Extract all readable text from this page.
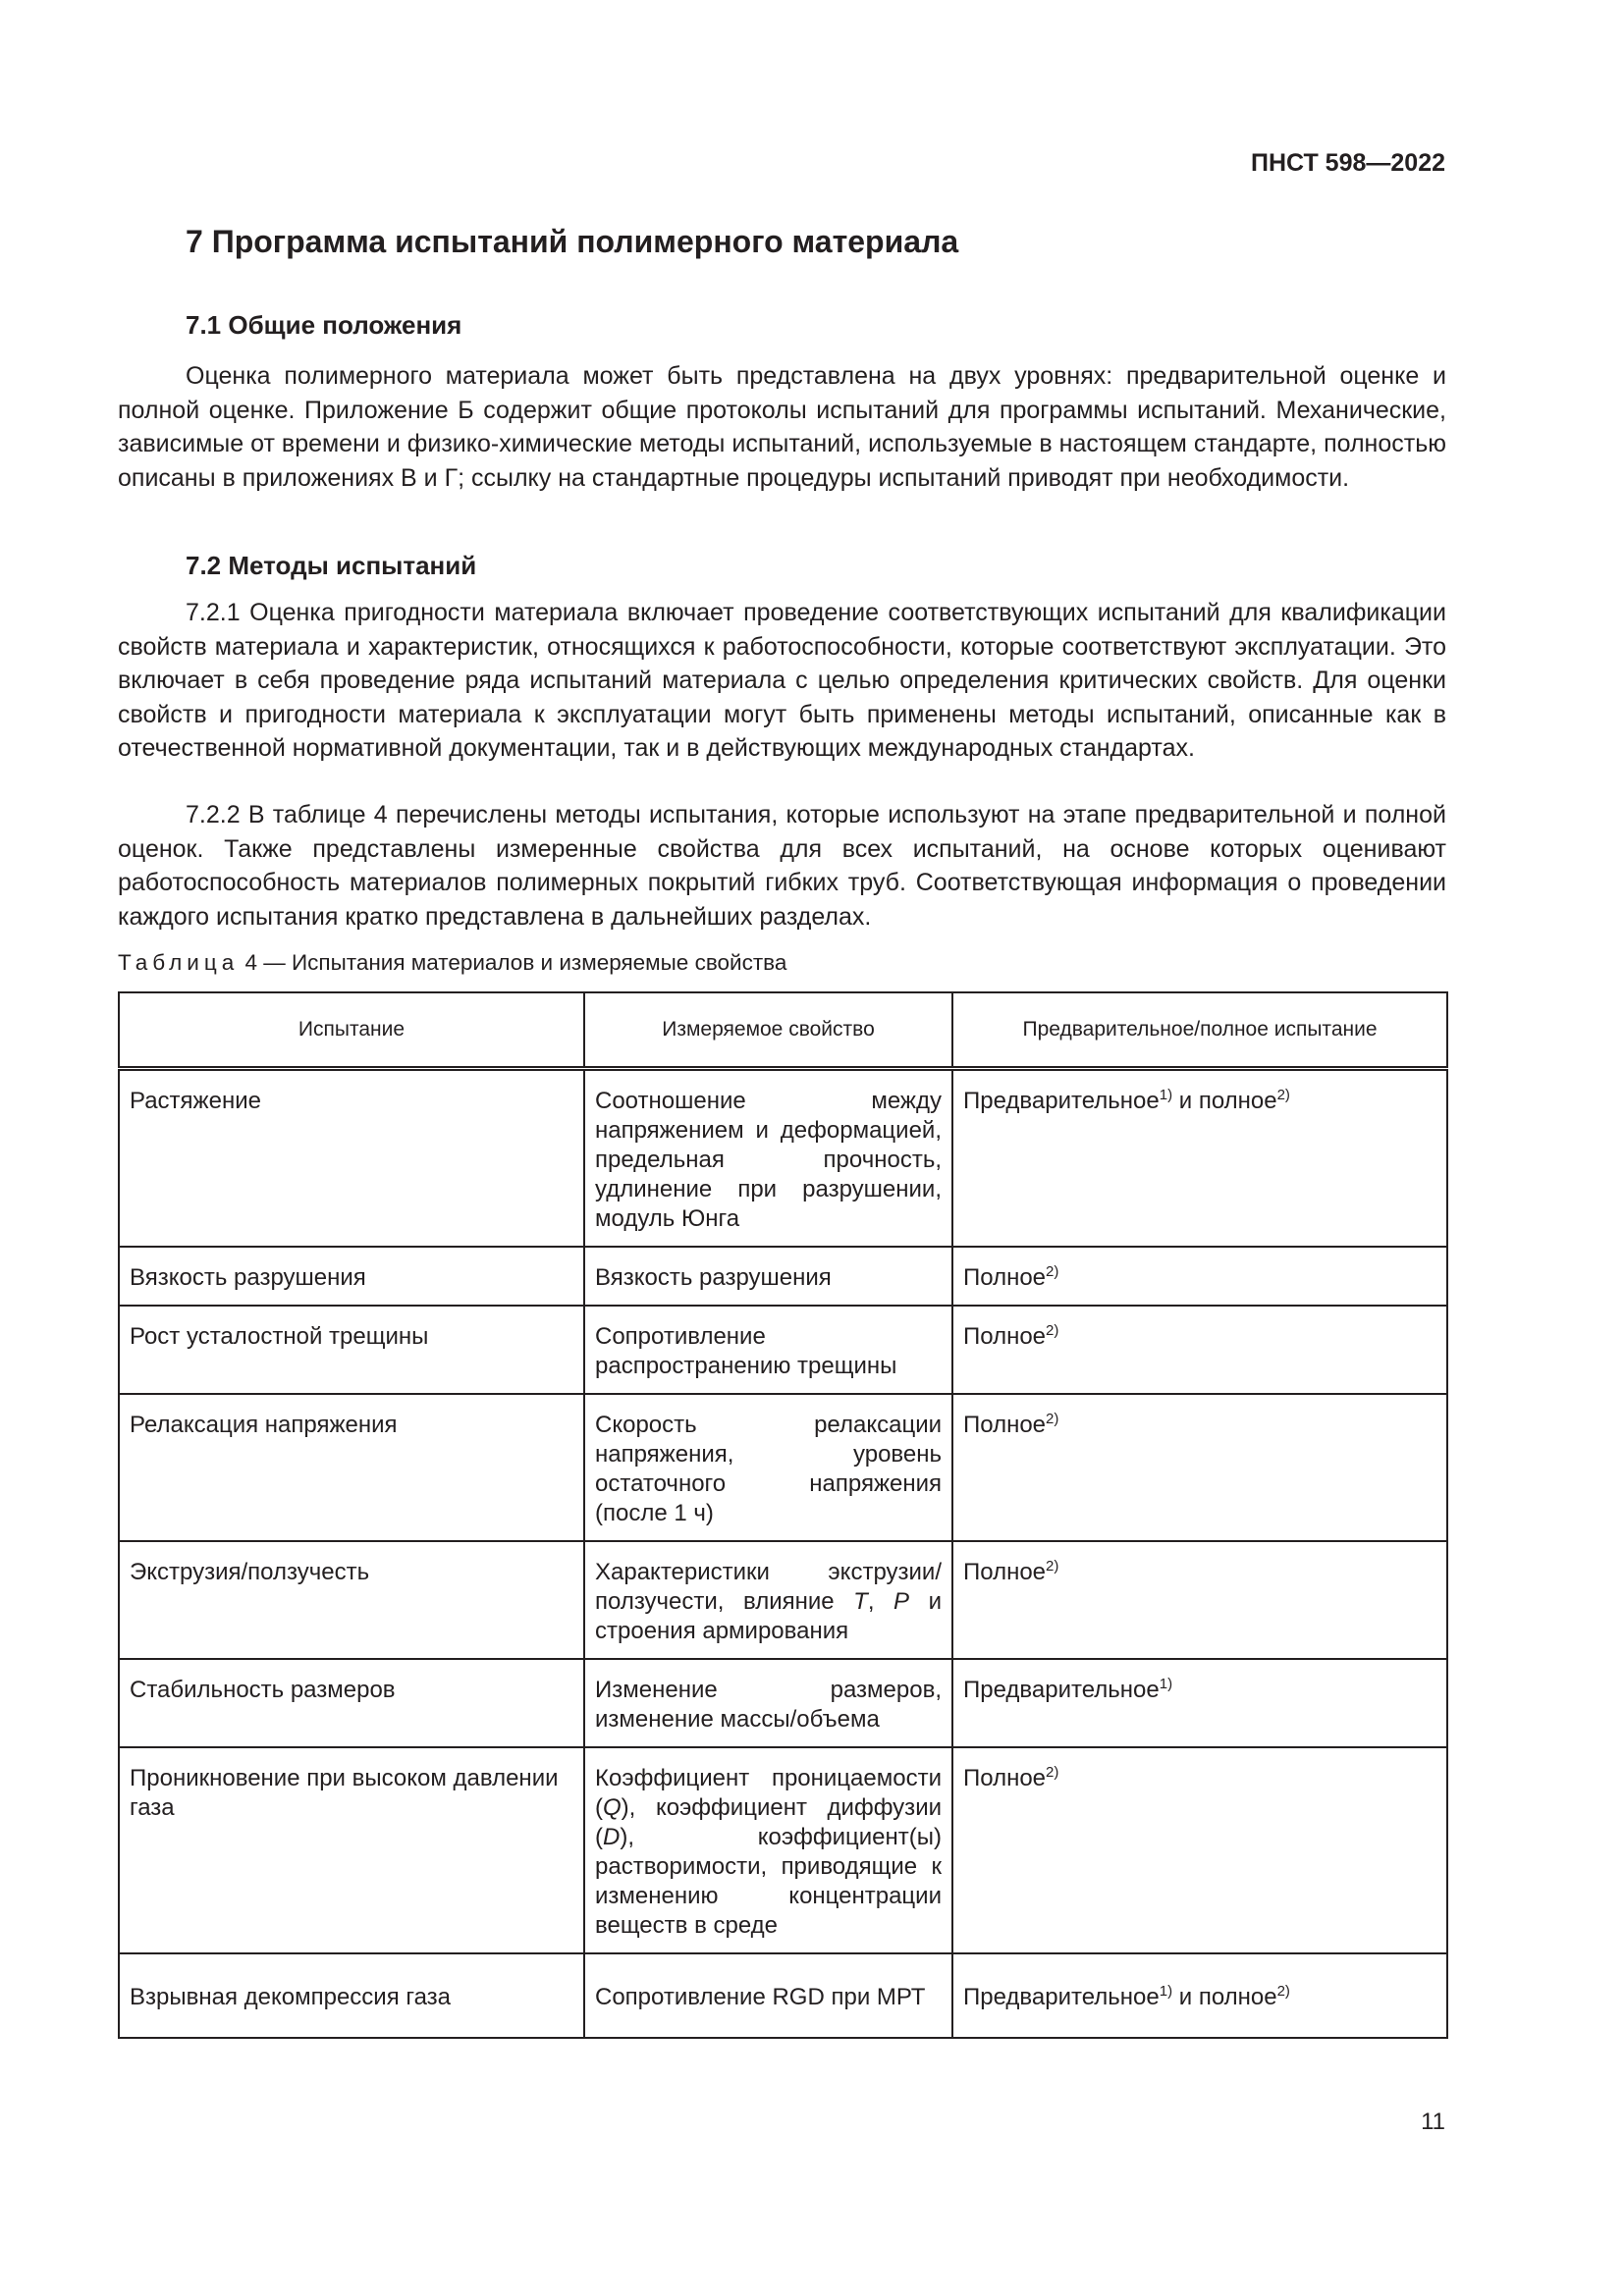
ПНСТ 598—2022
7 Программа испытаний полимерного материала
7.1 Общие положения

Оценка полимерного материала может быть представлена на двух уровнях: предварительной оценке и полной оценке. Приложение Б содержит общие протоколы испытаний для программы испытаний. Механические, зависимые от времени и физико-химические методы испытаний, используемые в настоящем стандарте, полностью описаны в приложениях В и Г; ссылку на стандартные процедуры испытаний приводят при необходимости.

7.2 Методы испытаний

7.2.1 Оценка пригодности материала включает проведение соответствующих испытаний для квалификации свойств материала и характеристик, относящихся к работоспособности, которые соответствуют эксплуатации. Это включает в себя проведение ряда испытаний материала с целью определения критических свойств. Для оценки свойств и пригодности материала к эксплуатации могут быть применены методы испытаний, описанные как в отечественной нормативной документации, так и в действующих международных стандартах.

7.2.2 В таблице 4 перечислены методы испытания, которые используют на этапе предварительной и полной оценок. Также представлены измеренные свойства для всех испытаний, на основе которых оценивают работоспособность материалов полимерных покрытий гибких труб. Соответствующая информация о проведении каждого испытания кратко представлена в дальнейших разделах.

Таблица 4 — Испытания материалов и измеряемые свойства
Испытание	Измеряемое свойство	Предварительное/полное испытание
Растяжение	Соотношение между напряжением и деформацией, предельная прочность, удлинение при разрушении, модуль Юнга	Предварительное$^{1)}$ и полное$^{2)}$
Вязкость разрушения	Вязкость разрушения	Полное$^{2)}$
Рост усталостной трещины	Сопротивление распространению трещины	Полное$^{2)}$
Релаксация напряжения	Скорость релаксации напряжения, уровень остаточного напряжения (после 1 ч)	Полное$^{2)}$
Экструзия/ползучесть	Характеристики экструзии/ползучести, влияние T, P и строения армирования	Полное$^{2)}$
Стабильность размеров	Изменение размеров, изменение массы/объема	Предварительное$^{1)}$
Проникновение при высоком давлении газа	Коэффициент проницаемости (Q), коэффициент диффузии (D), коэффициент(ы) растворимости, приводящие к изменению концентрации веществ в среде	Полное$^{2)}$
Взрывная декомпрессия газа	Сопротивление RGD при МРТ	Предварительное$^{1)}$ и полное$^{2)}$
11
